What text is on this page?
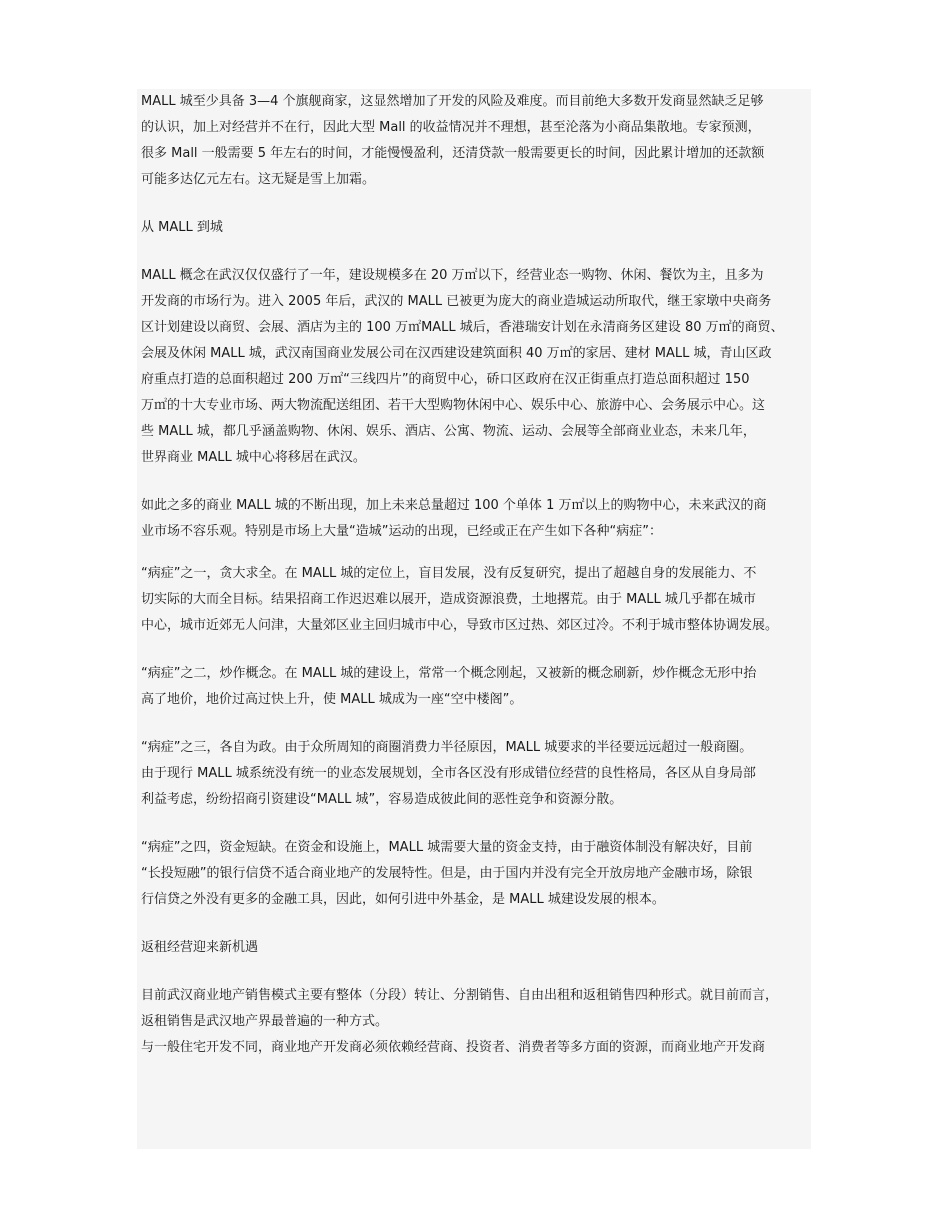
MALL 城至少具备 3—4 个旗舰商家，这显然增加了开发的风险及难度。而目前绝大多数开发商显然缺乏足够
的认识，加上对经营并不在行，因此大型 Mall 的收益情况并不理想，甚至沦落为小商品集散地。专家预测，
很多 Mall 一般需要 5 年左右的时间，才能慢慢盈利，还清贷款一般需要更长的时间，因此累计增加的还款额
可能多达亿元左右。这无疑是雪上加霜。
从 MALL 到城
MALL 概念在武汉仅仅盛行了一年，建设规模多在 20 万㎡以下，经营业态一购物、休闲、餐饮为主，且多为
开发商的市场行为。进入 2005 年后，武汉的 MALL 已被更为庞大的商业造城运动所取代，继王家墩中央商务
区计划建设以商贸、会展、酒店为主的 100 万㎡MALL 城后，香港瑞安计划在永清商务区建设 80 万㎡的商贸、
会展及休闲 MALL 城，武汉南国商业发展公司在汉西建设建筑面积 40 万㎡的家居、建材 MALL 城，青山区政
府重点打造的总面积超过 200 万㎡“三线四片”的商贸中心，硚口区政府在汉正街重点打造总面积超过 150
万㎡的十大专业市场、两大物流配送组团、若干大型购物休闲中心、娱乐中心、旅游中心、会务展示中心。这
些 MALL 城，都几乎涵盖购物、休闲、娱乐、酒店、公寓、物流、运动、会展等全部商业业态，未来几年，
世界商业 MALL 城中心将移居在武汉。
如此之多的商业 MALL 城的不断出现，加上未来总量超过 100 个单体 1 万㎡以上的购物中心，未来武汉的商
业市场不容乐观。特别是市场上大量“造城”运动的出现，已经或正在产生如下各种“病症”：
“病症”之一，贪大求全。在 MALL 城的定位上，盲目发展，没有反复研究，提出了超越自身的发展能力、不
切实际的大而全目标。结果招商工作迟迟难以展开，造成资源浪费，土地撂荒。由于 MALL 城几乎都在城市
中心，城市近郊无人问津，大量郊区业主回归城市中心，导致市区过热、郊区过冷。不利于城市整体协调发展。
“病症”之二，炒作概念。在 MALL 城的建设上，常常一个概念刚起，又被新的概念刷新，炒作概念无形中抬
高了地价，地价过高过快上升，使 MALL 城成为一座“空中楼阁”。
“病症”之三，各自为政。由于众所周知的商圈消费力半径原因，MALL 城要求的半径要远远超过一般商圈。
由于现行 MALL 城系统没有统一的业态发展规划，全市各区没有形成错位经营的良性格局，各区从自身局部
利益考虑，纷纷招商引资建设“MALL 城”，容易造成彼此间的恶性竞争和资源分散。
“病症”之四，资金短缺。在资金和设施上，MALL 城需要大量的资金支持，由于融资体制没有解决好，目前
“长投短融”的银行信贷不适合商业地产的发展特性。但是，由于国内并没有完全开放房地产金融市场，除银
行信贷之外没有更多的金融工具，因此，如何引进中外基金，是 MALL 城建设发展的根本。
返租经营迎来新机遇
目前武汉商业地产销售模式主要有整体（分段）转让、分割销售、自由出租和返租销售四种形式。就目前而言，
返租销售是武汉地产界最普遍的一种方式。
与一般住宅开发不同，商业地产开发商必须依赖经营商、投资者、消费者等多方面的资源，而商业地产开发商
